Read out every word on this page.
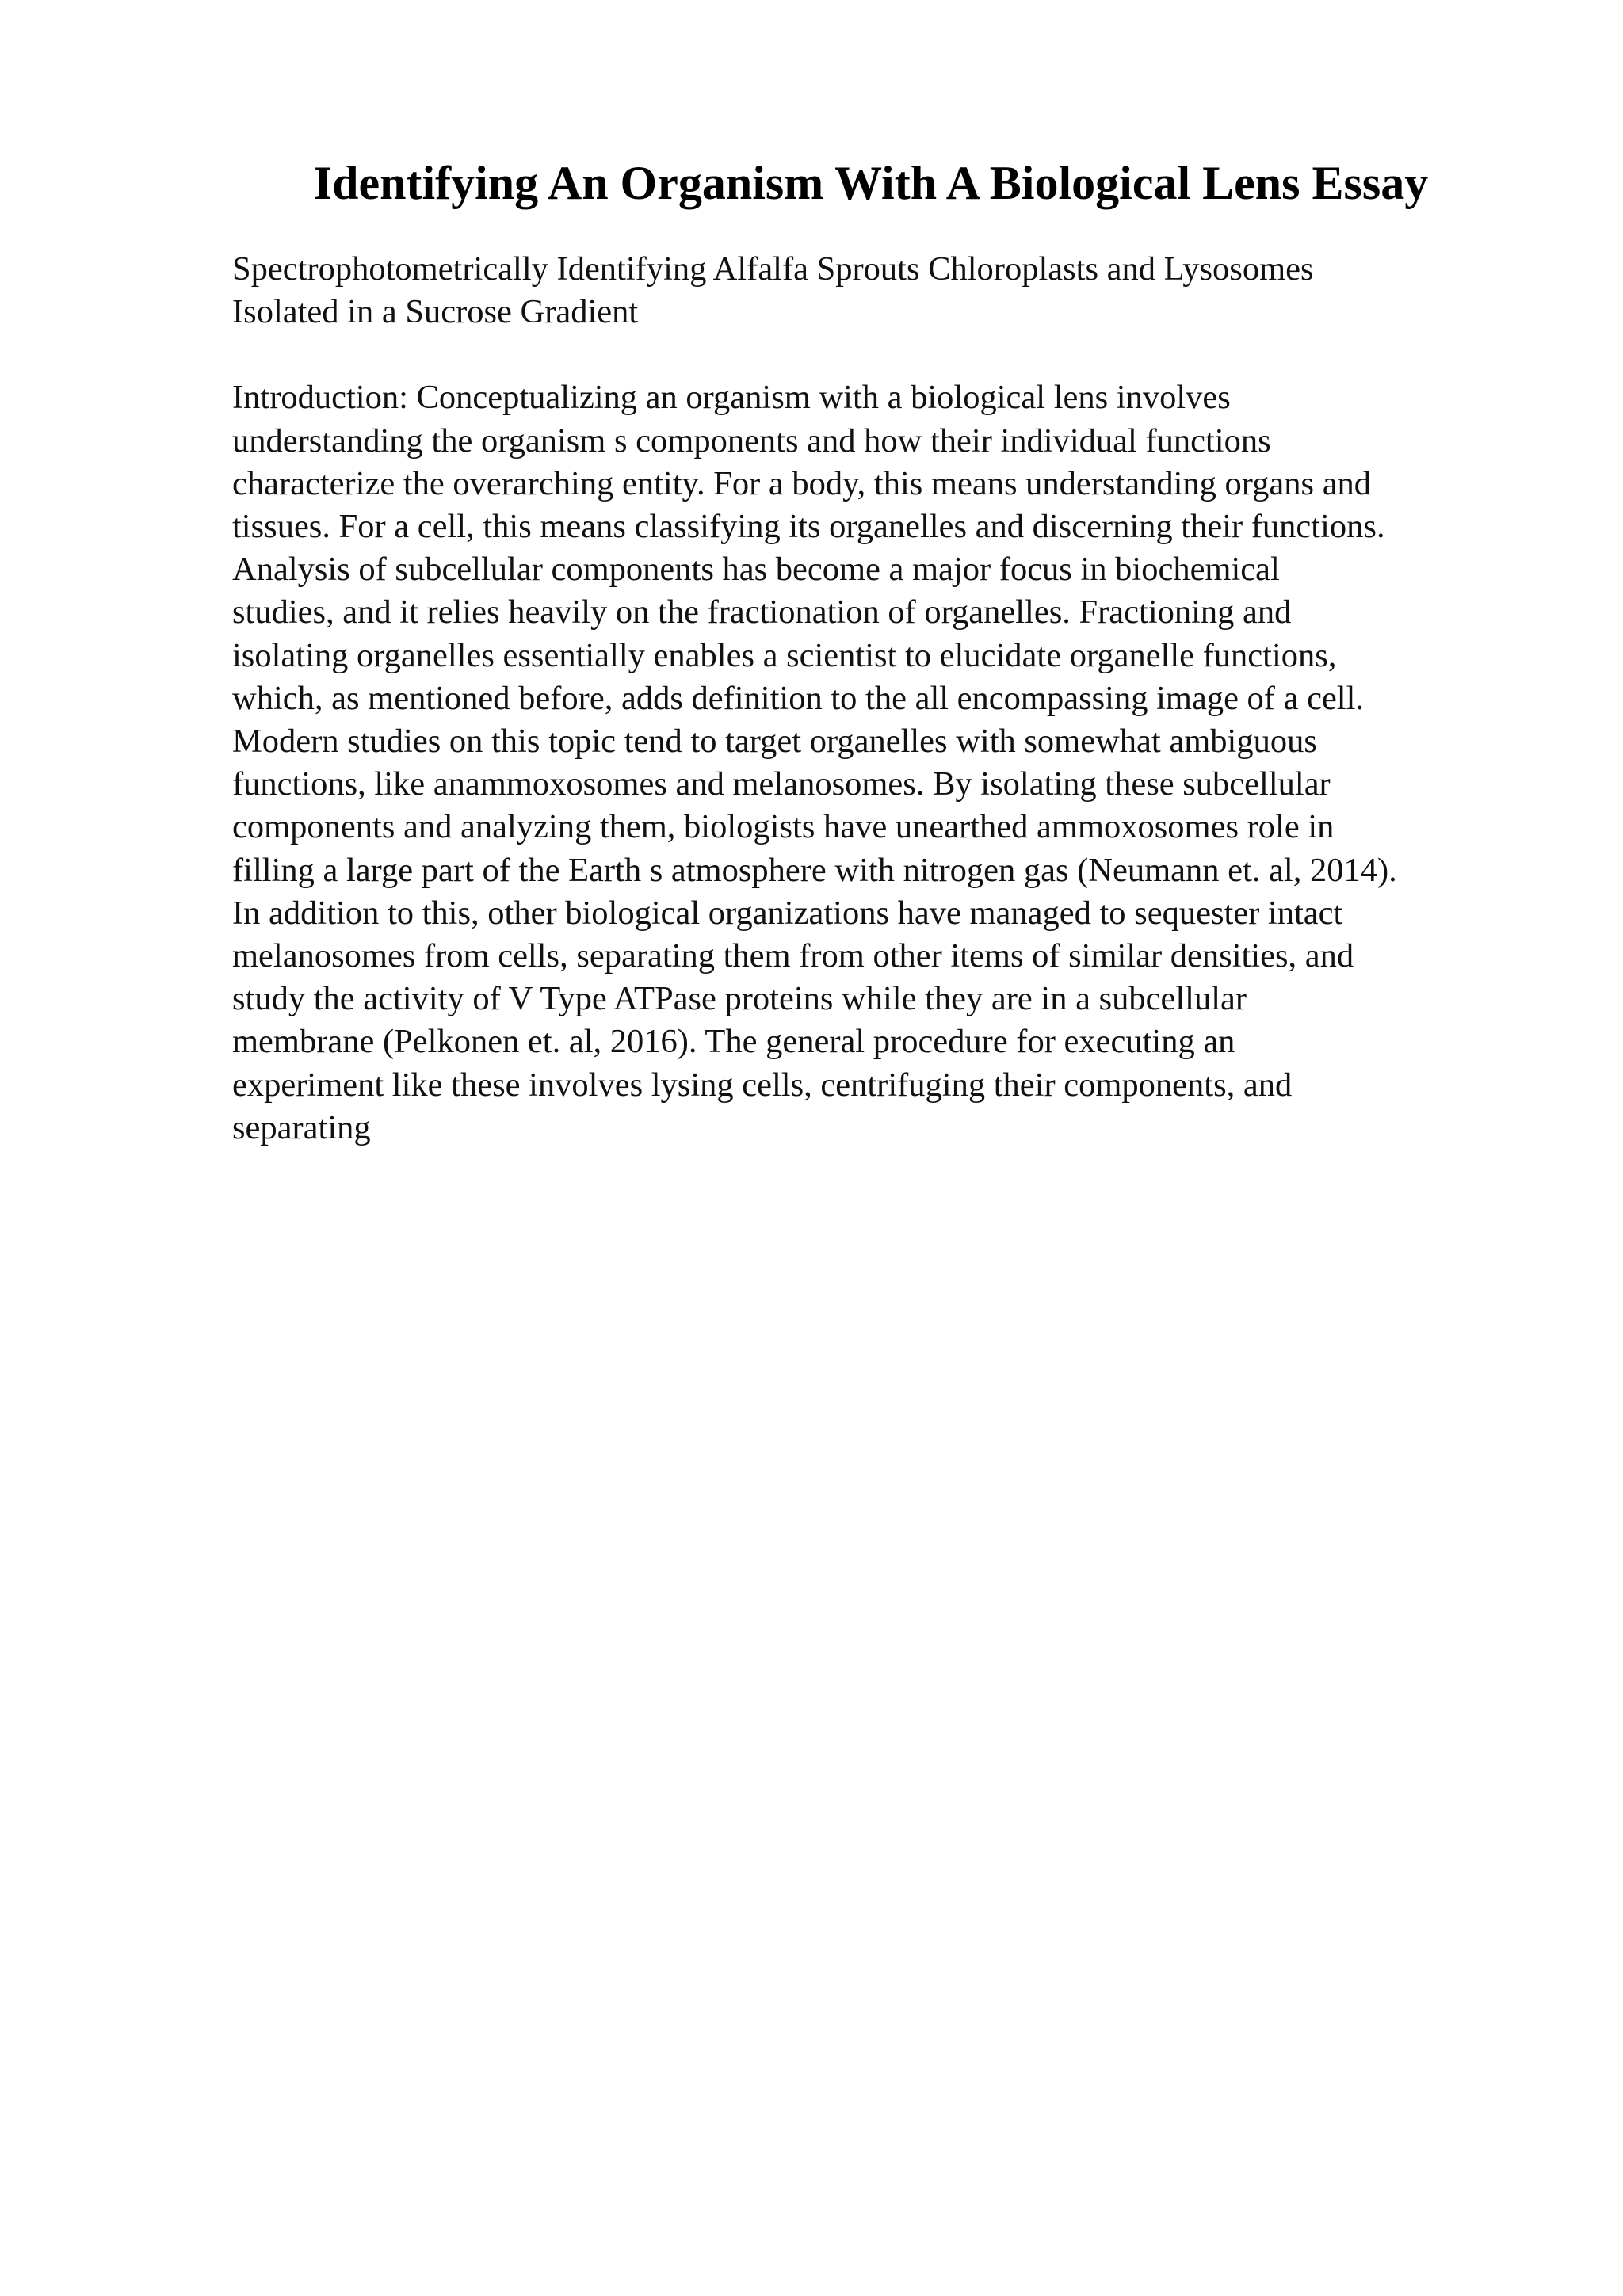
Identifying An Organism With A Biological Lens Essay
Spectrophotometrically Identifying Alfalfa Sprouts Chloroplasts and Lysosomes
Isolated in a Sucrose Gradient
Introduction: Conceptualizing an organism with a biological lens involves
understanding the organism s components and how their individual functions
characterize the overarching entity. For a body, this means understanding organs and
tissues. For a cell, this means classifying its organelles and discerning their functions.
Analysis of subcellular components has become a major focus in biochemical
studies, and it relies heavily on the fractionation of organelles. Fractioning and
isolating organelles essentially enables a scientist to elucidate organelle functions,
which, as mentioned before, adds definition to the all encompassing image of a cell.
Modern studies on this topic tend to target organelles with somewhat ambiguous
functions, like anammoxosomes and melanosomes. By isolating these subcellular
components and analyzing them, biologists have unearthed ammoxosomes role in
filling a large part of the Earth s atmosphere with nitrogen gas (Neumann et. al, 2014).
In addition to this, other biological organizations have managed to sequester intact
melanosomes from cells, separating them from other items of similar densities, and
study the activity of V Type ATPase proteins while they are in a subcellular
membrane (Pelkonen et. al, 2016). The general procedure for executing an
experiment like these involves lysing cells, centrifuging their components, and
separating
